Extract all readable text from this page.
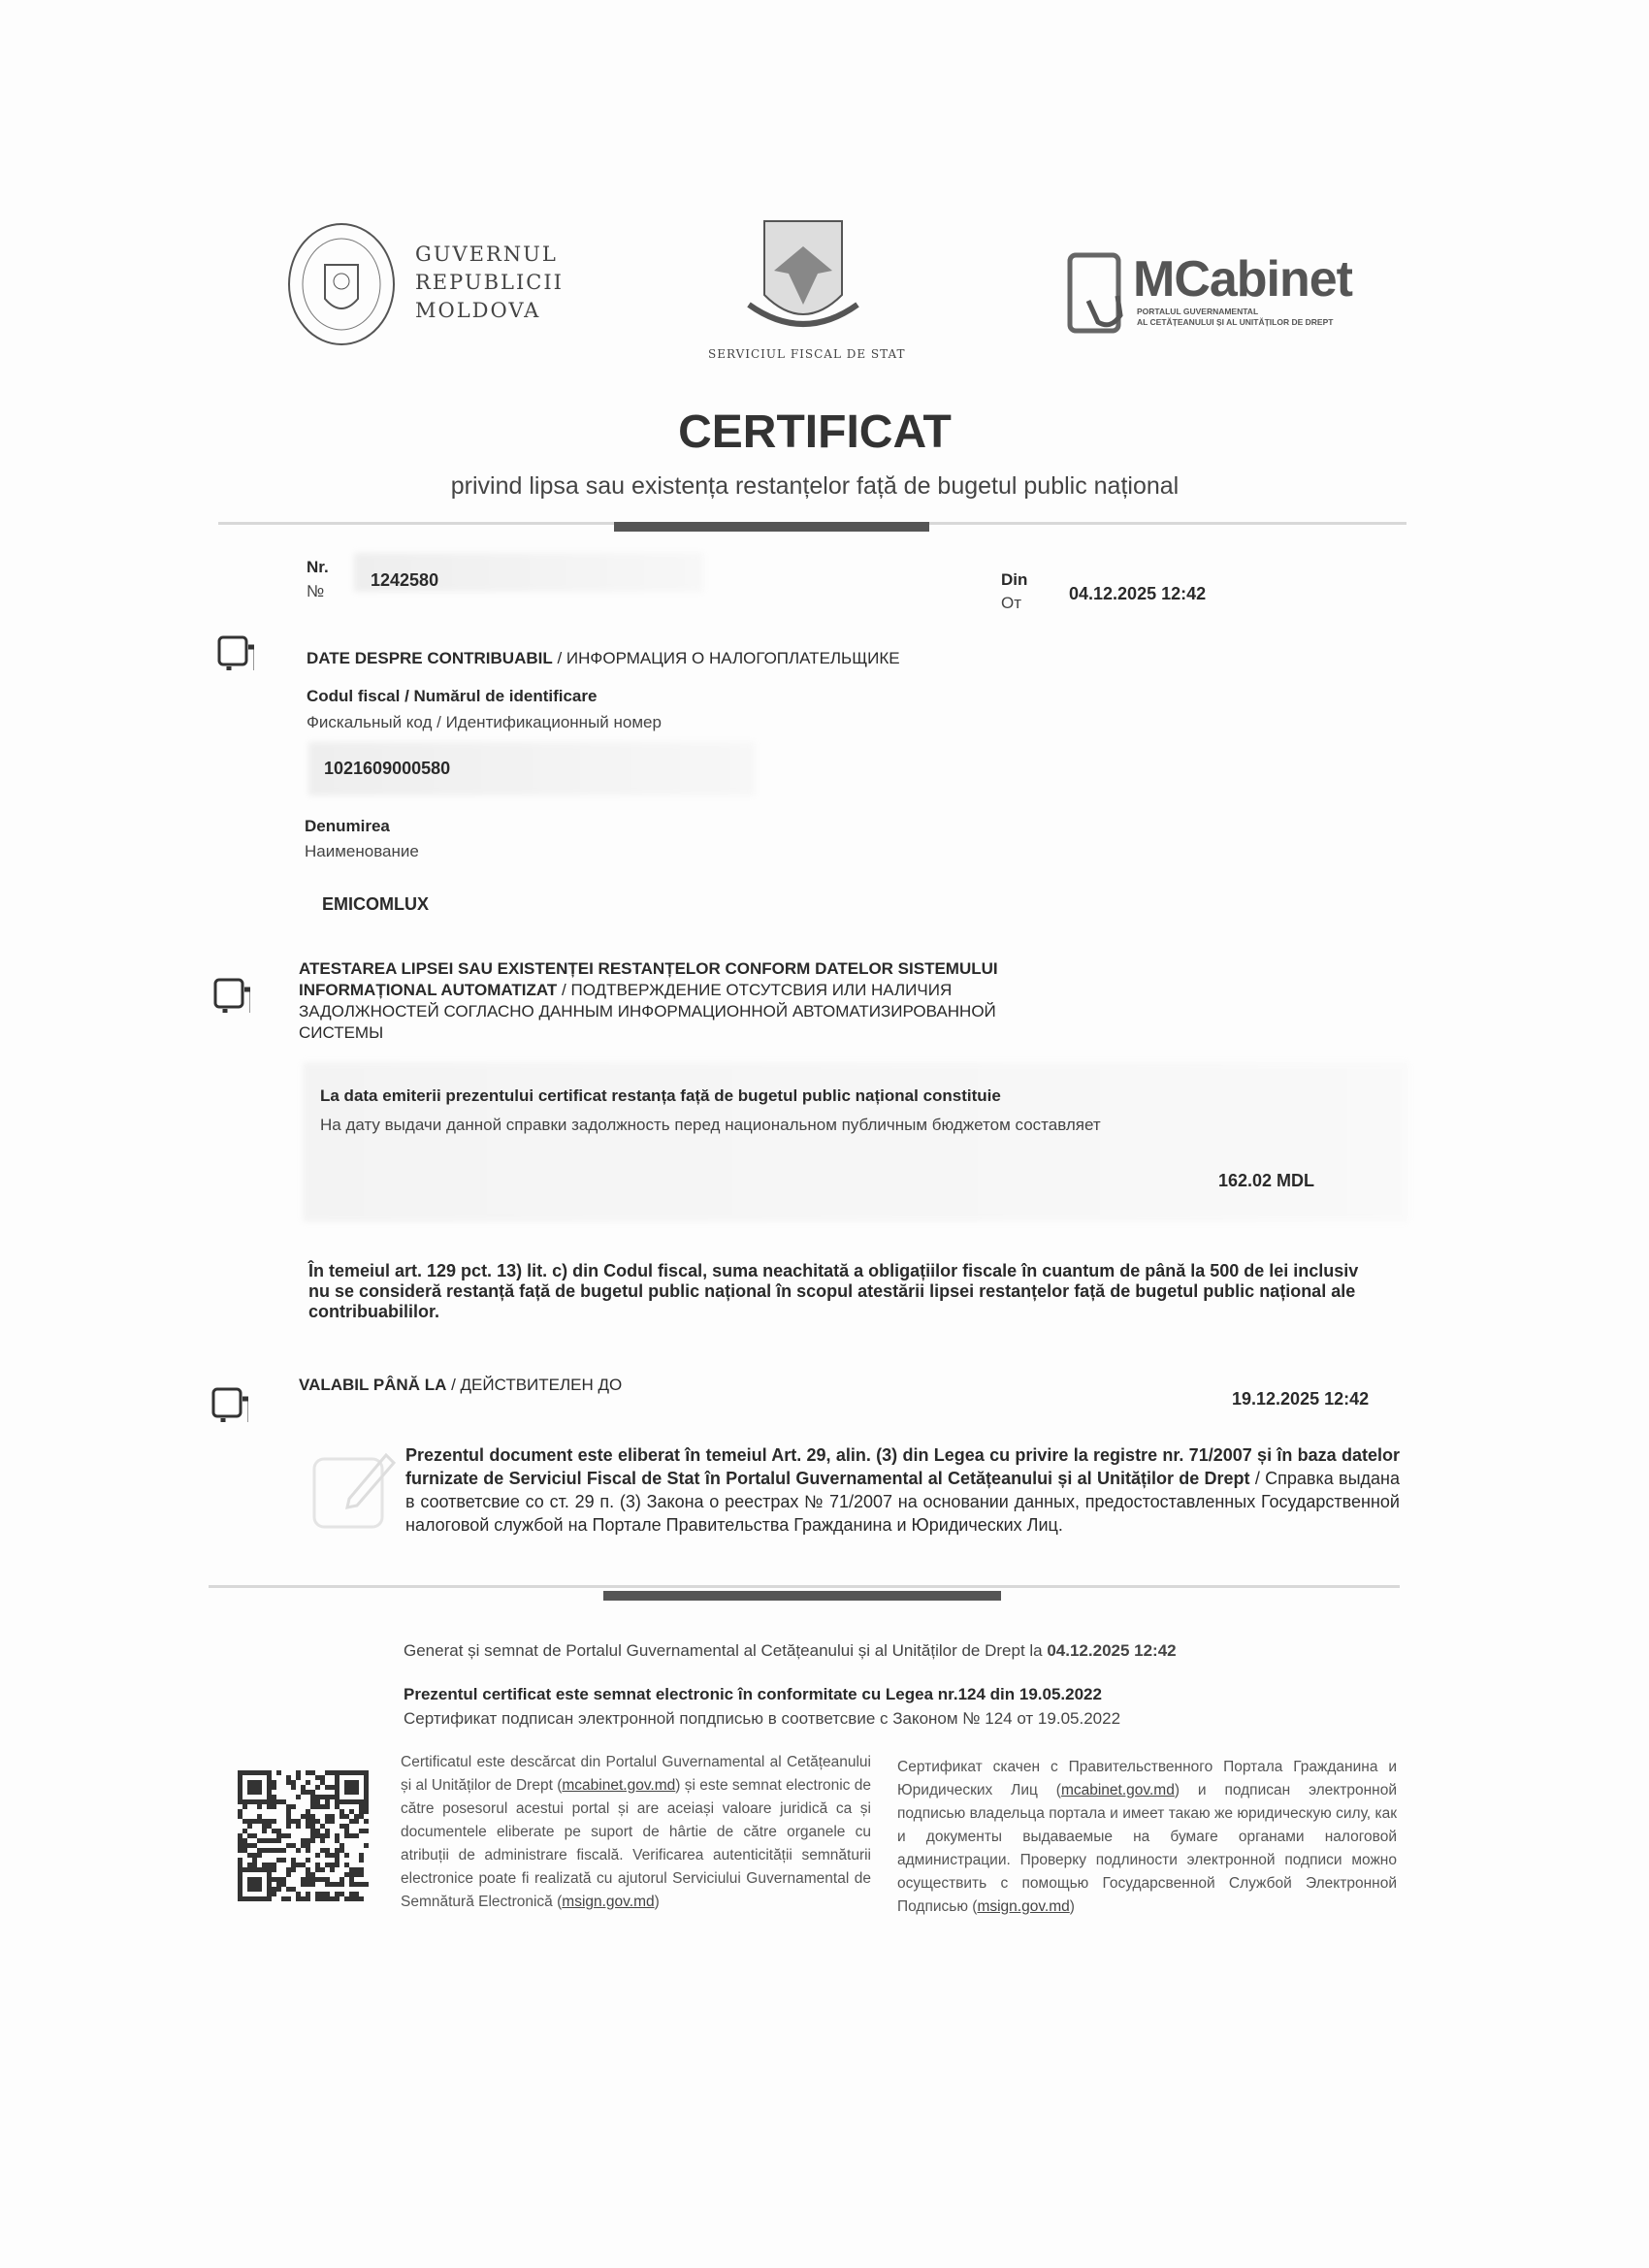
GUVERNUL
REPUBLICII
MOLDOVA
SERVICIUL FISCAL DE STAT
MCabinet
PORTALUL GUVERNAMENTAL
AL CETĂȚEANULUI ȘI AL UNITĂȚILOR DE DREPT
CERTIFICAT
privind lipsa sau existența restanțelor față de bugetul public național
Nr.
№
1242580	Din
От	04.12.2025 12:42
DATE DESPRE CONTRIBUABIL / ИНФОРМАЦИЯ О НАЛОГОПЛАТЕЛЬЩИКЕ
Codul fiscal / Numărul de identificare
Фискальный код / Идентификационный номер
1021609000580
Denumirea
Наименование
EMICOMLUX
ATESTAREA LIPSEI SAU EXISTENȚEI RESTANȚELOR CONFORM DATELOR SISTEMULUI
INFORMAȚIONAL AUTOMATIZAT / ПОДТВЕРЖДЕНИЕ ОТСУТСВИЯ ИЛИ НАЛИЧИЯ
ЗАДОЛЖНОСТЕЙ СОГЛАСНО ДАННЫМ ИНФОРМАЦИОННОЙ АВТОМАТИЗИРОВАННОЙ
СИСТЕМЫ
La data emiterii prezentului certificat restanța față de bugetul public național constituie
На дату выдачи данной справки задолжность перед национальном публичным бюджетом составляет
162.02 MDL
În temeiul art. 129 pct. 13) lit. c) din Codul fiscal, suma neachitată a obligațiilor fiscale în cuantum de până la 500 de lei inclusiv nu se consideră restanță față de bugetul public național în scopul atestării lipsei restanțelor față de bugetul public național ale contribuabililor.
VALABIL PÂNĂ LA / ДЕЙСТВИТЕЛЕН ДО
19.12.2025 12:42
Prezentul document este eliberat în temeiul Art. 29, alin. (3) din Legea cu privire la registre nr. 71/2007 și în baza datelor furnizate de Serviciul Fiscal de Stat în Portalul Guvernamental al Cetățeanului și al Unităților de Drept / Справка выдана в соответсвие со ст. 29 п. (3) Закона о реестрах № 71/2007 на основании данных, предостоставленных Государственной налоговой службой на Портале Правительства Гражданина и Юридических Лиц.
Generat și semnat de Portalul Guvernamental al Cetățeanului și al Unităților de Drept la 04.12.2025 12:42
Prezentul certificat este semnat electronic în conformitate cu Legea nr.124 din 19.05.2022
Сертификат подписан электронной попдписью в соответсвие с Законом № 124 от 19.05.2022
Certificatul este descărcat din Portalul Guvernamental al Cetățeanului și al Unităților de Drept (mcabinet.gov.md) și este semnat electronic de către posesorul acestui portal și are aceiași valoare juridică ca și documentele eliberate pe suport de hârtie de către organele cu atribuții de administrare fiscală. Verificarea autenticității semnăturii electronice poate fi realizată cu ajutorul Serviciului Guvernamental de Semnătură Electronică (msign.gov.md)
Сертификат скачен с Правительственного Портала Гражданина и Юридических Лиц (mcabinet.gov.md) и подписан электронной подписью владельца портала и имеет такаю же юридическую силу, как и документы выдаваемые на бумаге органами налоговой администрации. Проверку подлиности электронной подписи можно осуществить с помощью Государсвенной Службой Электронной Подписью (msign.gov.md)
